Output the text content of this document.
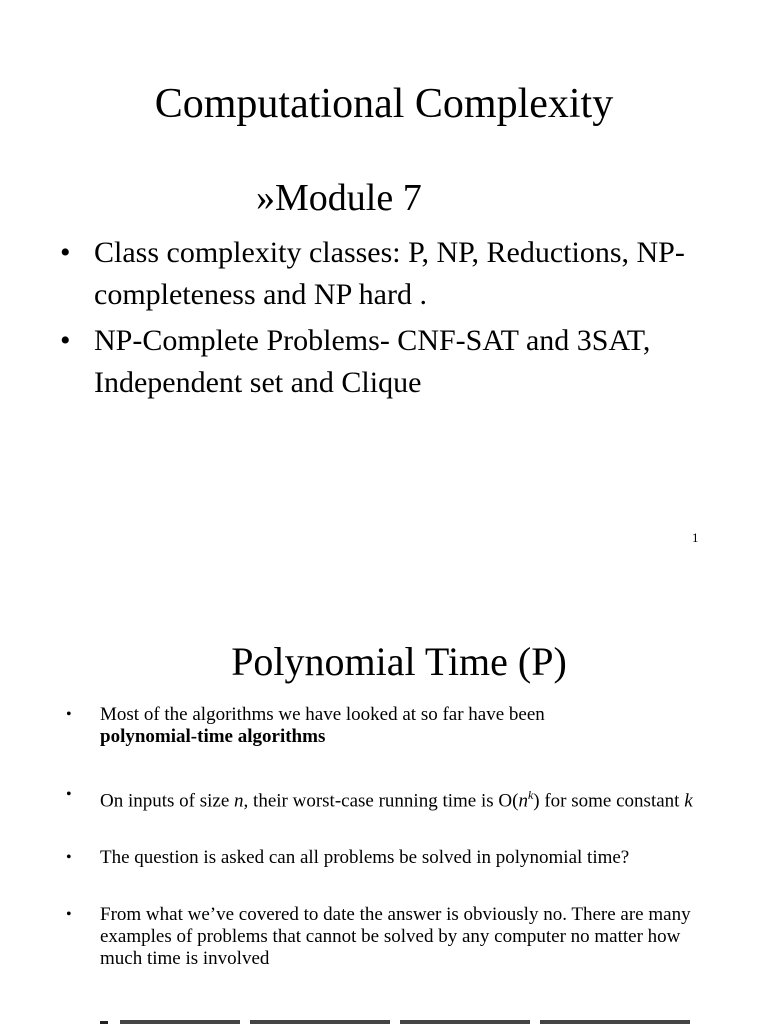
Computational Complexity
»Module 7
• Class complexity classes: P, NP, Reductions, NP-completeness and NP hard .
• NP-Complete Problems- CNF-SAT and 3SAT, Independent set and Clique
1
Polynomial Time (P)
• Most of the algorithms we have looked at so far have been
polynomial-time algorithms
• On inputs of size n, their worst-case running time is $O(n^k)$ for some constant k
• The question is asked can all problems be solved in polynomial time?
• From what we’ve covered to date the answer is obviously no. There are many examples of problems that cannot be solved by any computer no matter how much time is involved
